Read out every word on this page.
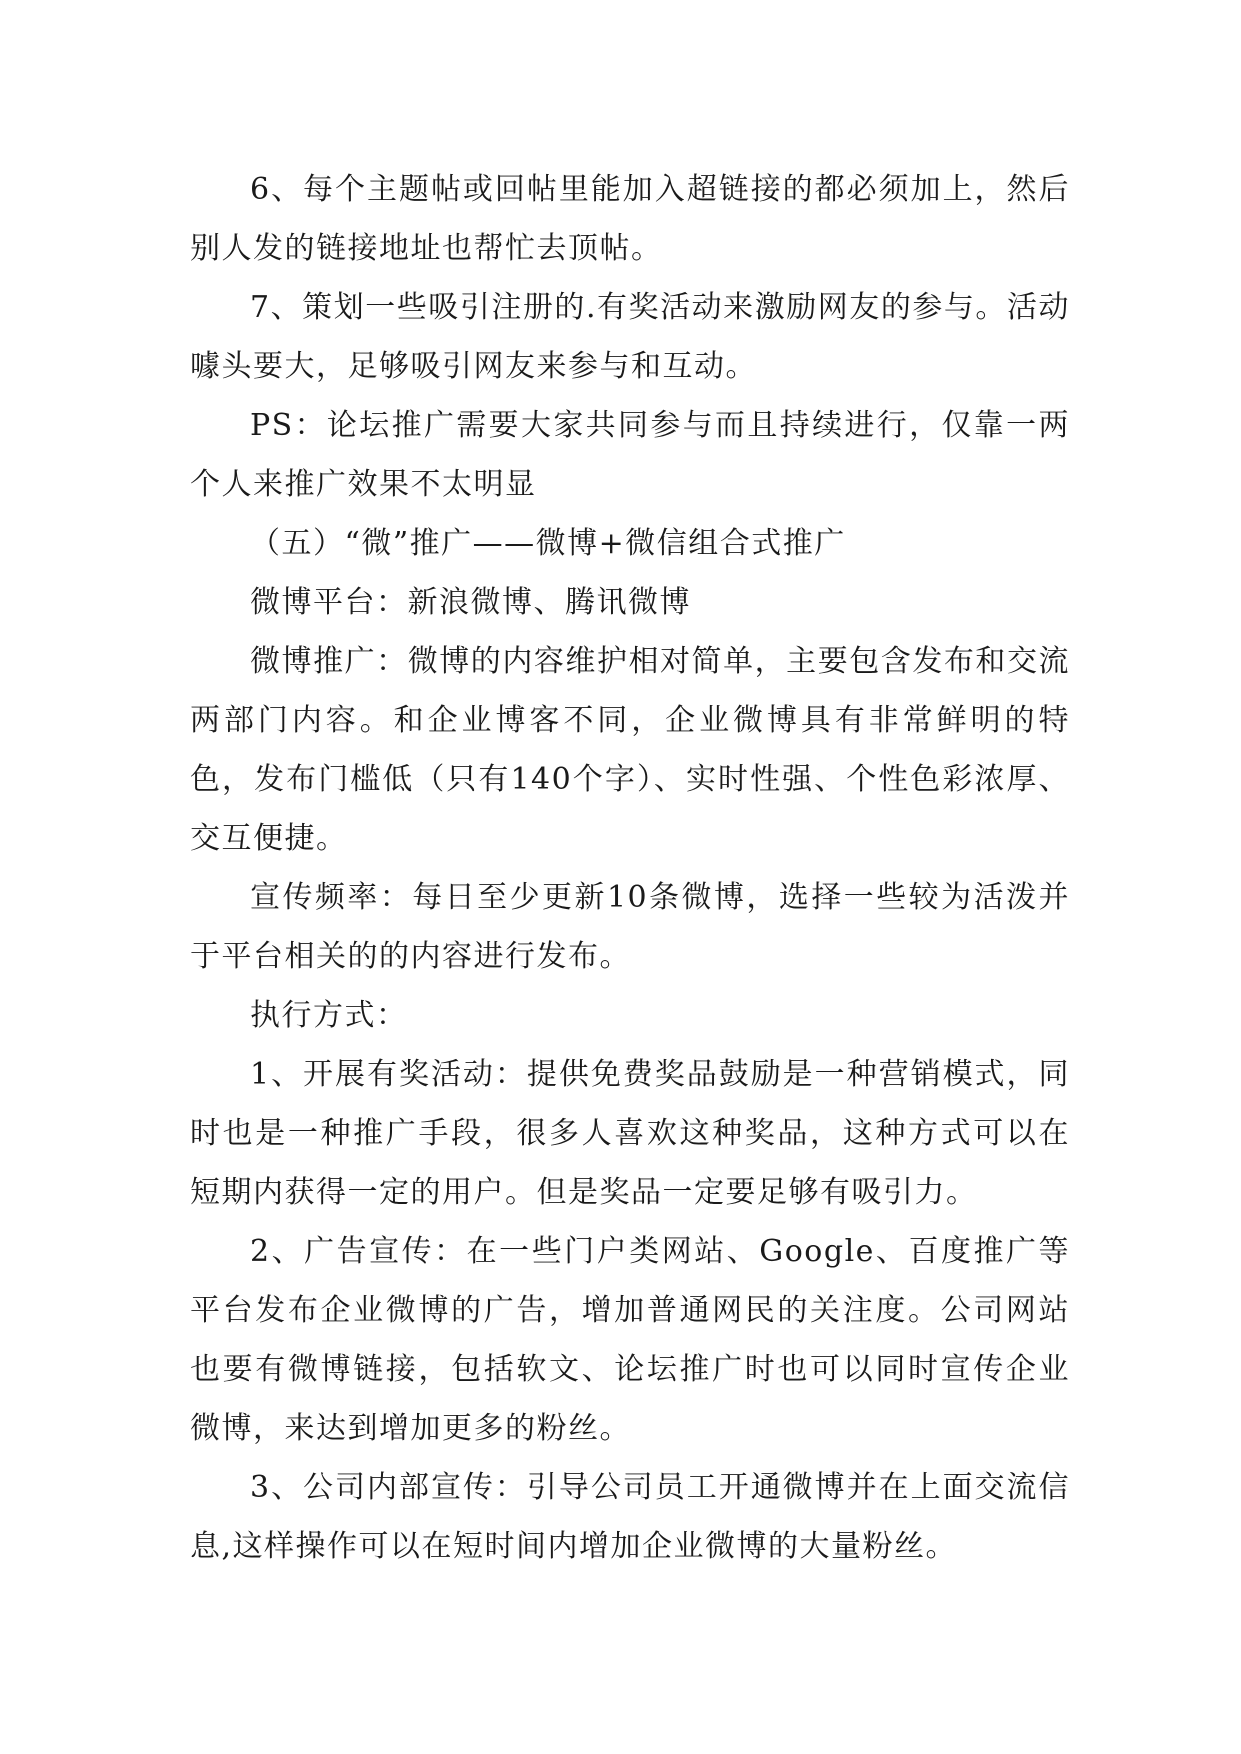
6、每个主题帖或回帖里能加入超链接的都必须加上，然后别人发的链接地址也帮忙去顶帖。

7、策划一些吸引注册的.有奖活动来激励网友的参与。活动噱头要大，足够吸引网友来参与和互动。

PS：论坛推广需要大家共同参与而且持续进行，仅靠一两个人来推广效果不太明显

（五）“微”推广——微博+微信组合式推广

微博平台：新浪微博、腾讯微博

微博推广：微博的内容维护相对简单，主要包含发布和交流两部门内容。和企业博客不同，企业微博具有非常鲜明的特色，发布门槛低（只有140个字）、实时性强、个性色彩浓厚、交互便捷。

宣传频率：每日至少更新10条微博，选择一些较为活泼并于平台相关的的内容进行发布。

执行方式：

1、开展有奖活动：提供免费奖品鼓励是一种营销模式，同时也是一种推广手段，很多人喜欢这种奖品，这种方式可以在短期内获得一定的用户。但是奖品一定要足够有吸引力。

2、广告宣传：在一些门户类网站、Google、百度推广等平台发布企业微博的广告，增加普通网民的关注度。公司网站也要有微博链接，包括软文、论坛推广时也可以同时宣传企业微博，来达到增加更多的粉丝。

3、公司内部宣传：引导公司员工开通微博并在上面交流信息,这样操作可以在短时间内增加企业微博的大量粉丝。
